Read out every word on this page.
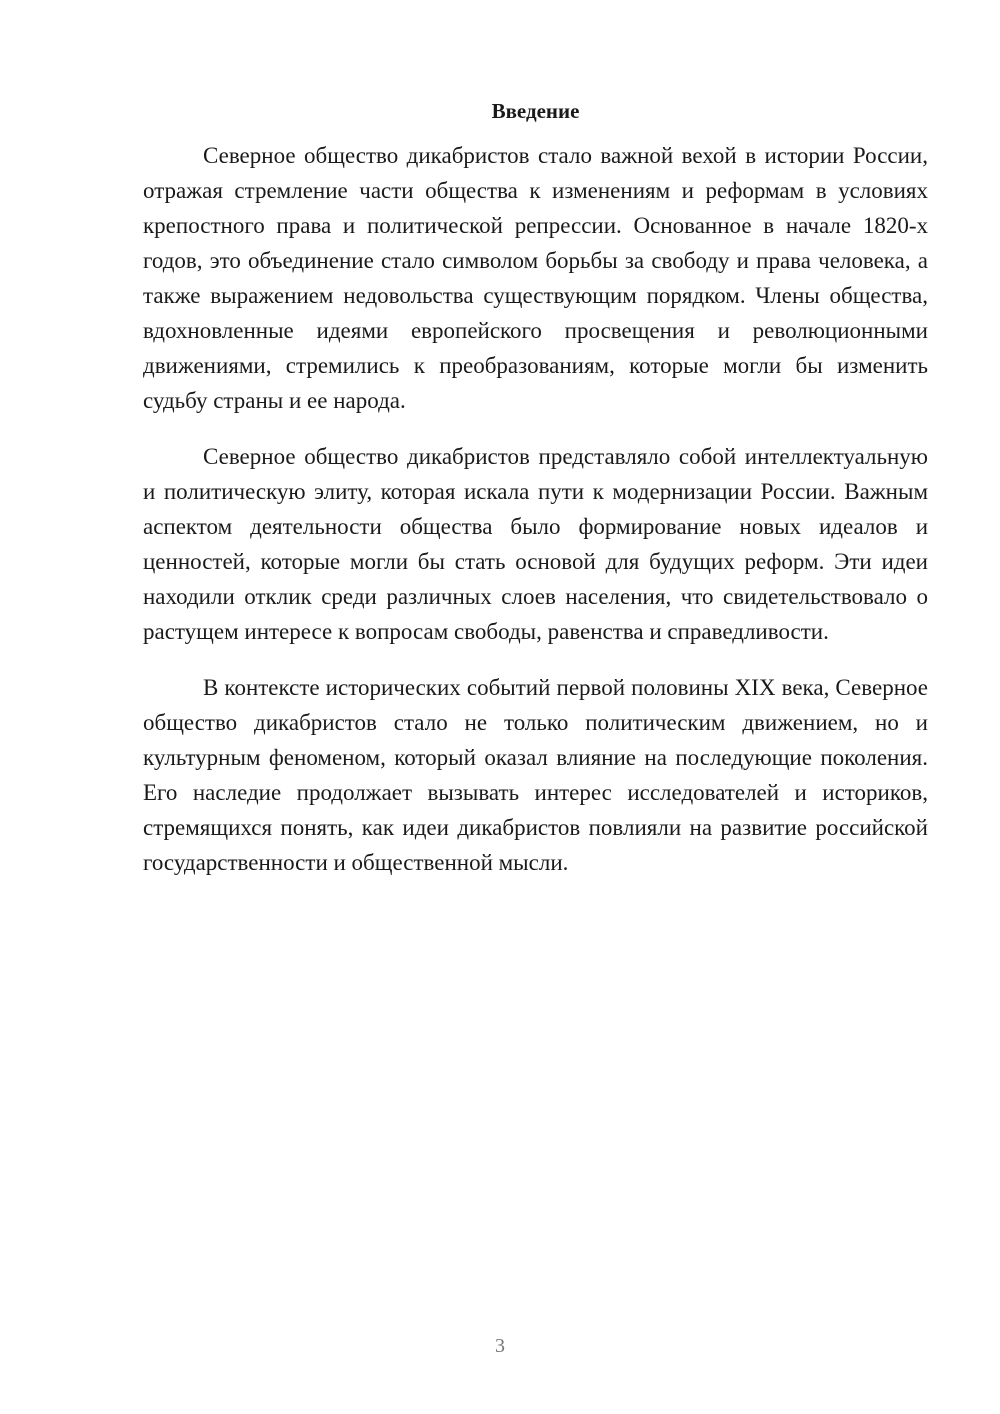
Введение

Северное общество дикабристов стало важной вехой в истории России, отражая стремление части общества к изменениям и реформам в условиях крепостного права и политической репрессии. Основанное в начале 1820-х годов, это объединение стало символом борьбы за свободу и права человека, а также выражением недовольства существующим порядком. Члены общества, вдохновленные идеями европейского просвещения и революционными движениями, стремились к преобразованиям, которые могли бы изменить судьбу страны и ее народа.

Северное общество дикабристов представляло собой интеллектуальную и политическую элиту, которая искала пути к модернизации России. Важным аспектом деятельности общества было формирование новых идеалов и ценностей, которые могли бы стать основой для будущих реформ. Эти идеи находили отклик среди различных слоев населения, что свидетельствовало о растущем интересе к вопросам свободы, равенства и справедливости.

В контексте исторических событий первой половины XIX века, Северное общество дикабристов стало не только политическим движением, но и культурным феноменом, который оказал влияние на последующие поколения. Его наследие продолжает вызывать интерес исследователей и историков, стремящихся понять, как идеи дикабристов повлияли на развитие российской государственности и общественной мысли.

3
